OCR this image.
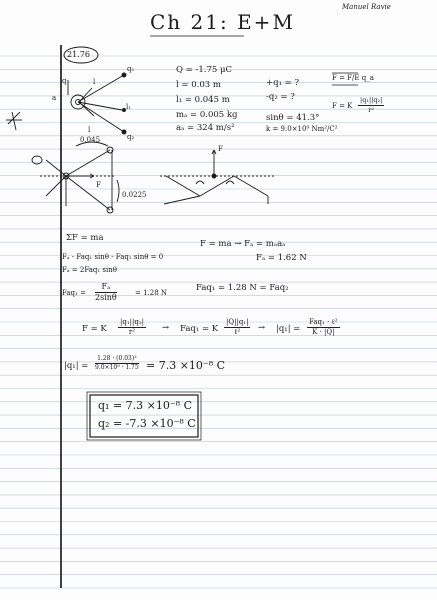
Ch 21: E+M
Manuel Ravie
21.76
q
q₁
q₂
l
l₁
l
a
0.045
0.0225
F
F
Q = -1.75 μC
l = 0.03 m
l₁ = 0.045 m
mₐ = 0.005 kg
aₐ = 324 m/s²
+q₁ = ?
-q₂ = ?
sinθ = 41.3°
k = 9.0×10⁹ Nm²/C²
F = F/E q_a
F = K $\frac{\text{|q₁||q₂|}}{\text{r²}}$
ΣF = ma
Fₐ - Faq₁ sinθ - Faq₂ sinθ = 0
Fₐ = 2Faq₁ sinθ
$Faq_1 = \frac{\text{Fₐ}}{2\sin\theta}$	= 1.28 N
F = ma → Fₐ = mₐaₐ
Fₐ = 1.62 N
Faq₁ = 1.28 N = Faq₂
F = K $\frac{\text{|q₁||q₂|}}{\text{r²}} \to Faq_1 = K$
|Q||q₁|
ℓ²	→ |q₁| =
Faq₁ · ℓ²
K · |Q|
$|q_1| = \frac{\text{1.28 · (0.03)²}}{\text{9.0×10⁹ · 1.75}} = 7.3 \times 10^{-8}$ C
q₁ = 7.3 ×10⁻⁸ C
q₂ = -7.3 ×10⁻⁸ C
